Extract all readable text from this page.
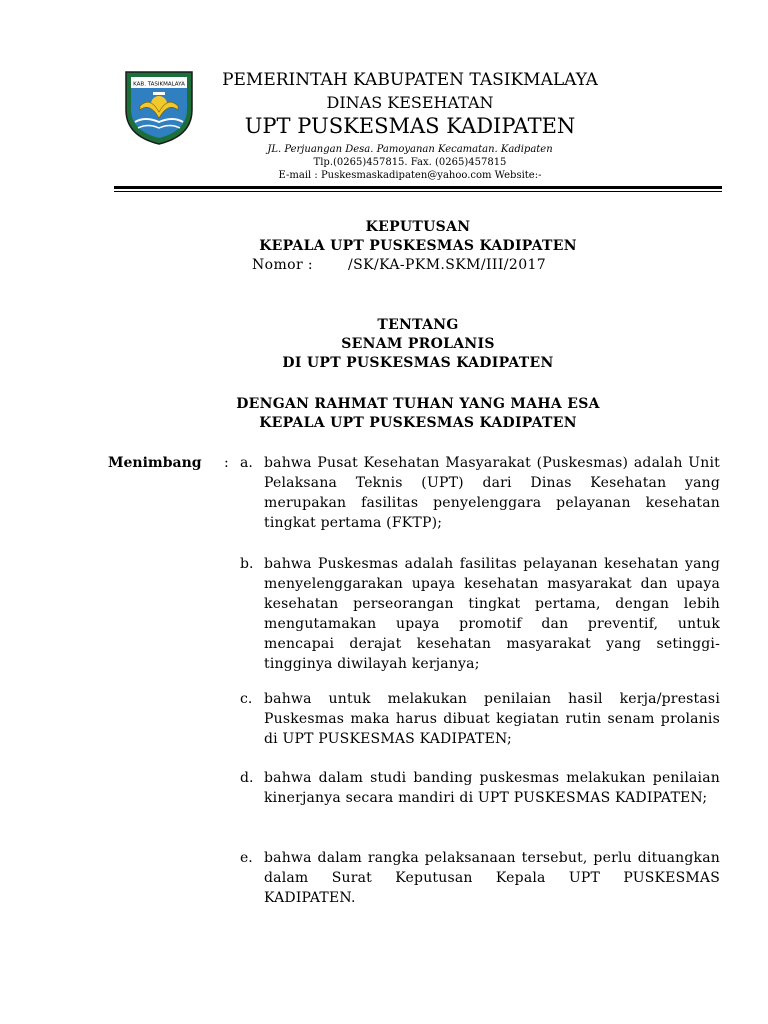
KAB. TASIKMALAYA	PEMERINTAH KABUPATEN TASIKMALAYA
DINAS KESEHATAN
UPT PUSKESMAS KADIPATEN
JL. Perjuangan Desa. Pamoyanan Kecamatan. Kadipaten
Tlp.(0265)457815. Fax. (0265)457815
E-mail : Puskesmaskadipaten@yahoo.com Website:-
KEPUTUSAN
KEPALA UPT PUSKESMAS KADIPATEN
Nomor : /SK/KA-PKM.SKM/III/2017
TENTANG
SENAM PROLANIS
DI UPT PUSKESMAS KADIPATEN
DENGAN RAHMAT TUHAN YANG MAHA ESA
KEPALA UPT PUSKESMAS KADIPATEN
Menimbang : a. bahwa Pusat Kesehatan Masyarakat (Puskesmas) adalah Unit Pelaksana Teknis (UPT) dari Dinas Kesehatan yang merupakan fasilitas penyelenggara pelayanan kesehatan tingkat pertama (FKTP);
b. bahwa Puskesmas adalah fasilitas pelayanan kesehatan yang menyelenggarakan upaya kesehatan masyarakat dan upaya kesehatan perseorangan tingkat pertama, dengan lebih mengutamakan upaya promotif dan preventif, untuk mencapai derajat kesehatan masyarakat yang setinggi-tingginya diwilayah kerjanya;
c. bahwa untuk melakukan penilaian hasil kerja/prestasi Puskesmas maka harus dibuat kegiatan rutin senam prolanis di UPT PUSKESMAS KADIPATEN;
d. bahwa dalam studi banding puskesmas melakukan penilaian kinerjanya secara mandiri di UPT PUSKESMAS KADIPATEN;
e. bahwa dalam rangka pelaksanaan tersebut, perlu dituangkan dalam Surat Keputusan Kepala UPT PUSKESMAS KADIPATEN.
